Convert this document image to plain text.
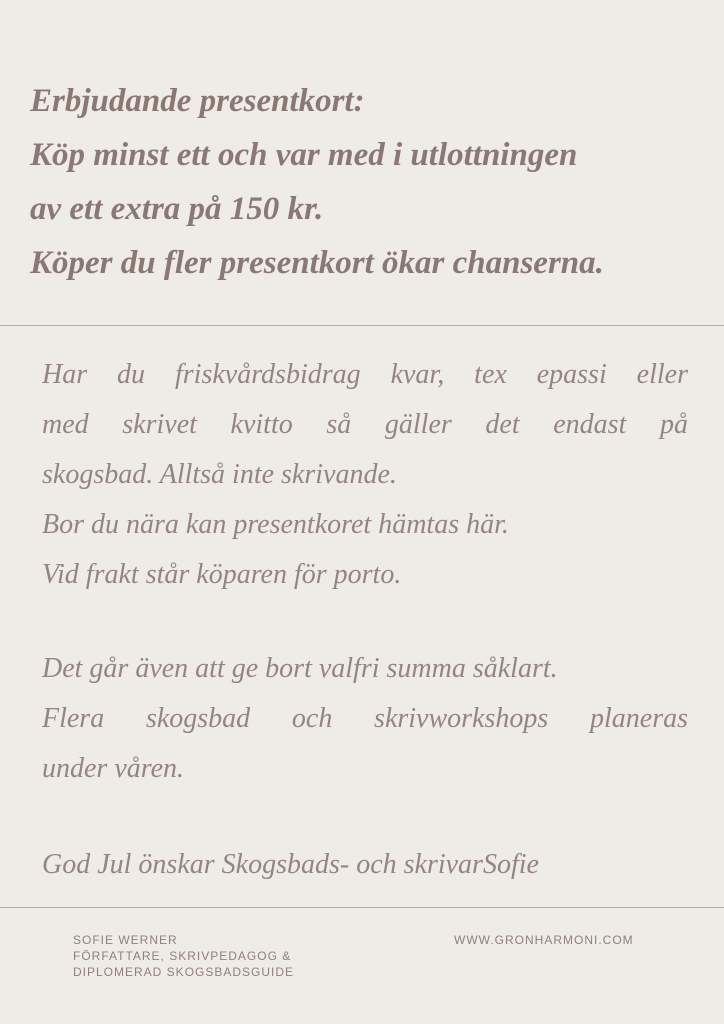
Erbjudande presentkort:
Köp minst ett och var med i utlottningen
av ett extra på 150 kr.
Köper du fler presentkort ökar chanserna.
Har du friskvårdsbidrag kvar, tex epassi eller
med skrivet kvitto så gäller det endast på
skogsbad. Alltså inte skrivande.
Bor du nära kan presentkoret hämtas här.
Vid frakt står köparen för porto.
Det går även att ge bort valfri summa såklart.
Flera skogsbad och skrivworkshops planeras
under våren.
God Jul önskar Skogsbads- och skrivarSofie
SOFIE WERNER
FÖRFATTARE, SKRIVPEDAGOG &
DIPLOMERAD SKOGSBADSGUIDE
WWW.GRONHARMONI.COM
